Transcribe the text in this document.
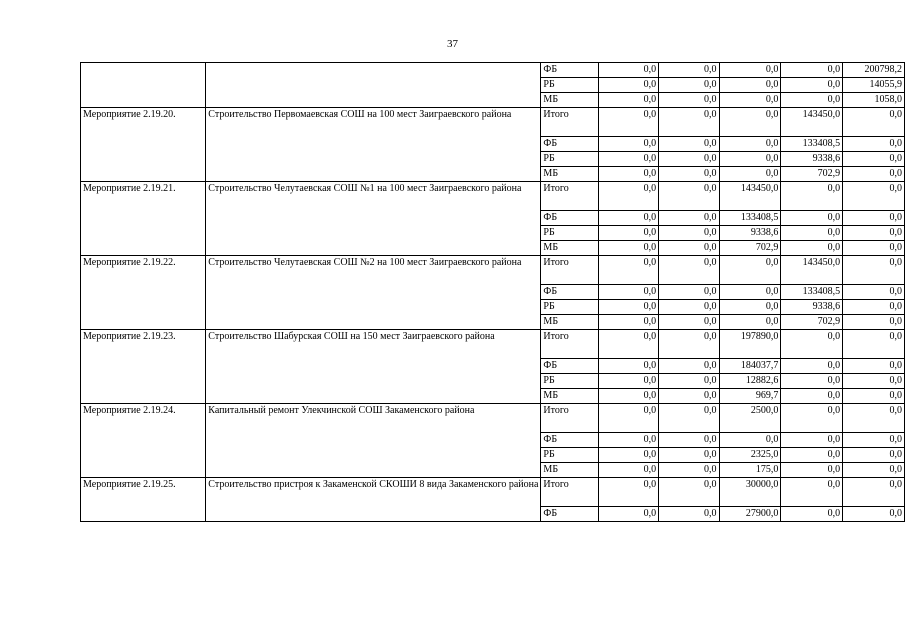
37
		ФБ	0,0	0,0	0,0	0,0	200798,2
		РБ	0,0	0,0	0,0	0,0	14055,9
		МБ	0,0	0,0	0,0	0,0	1058,0
Мероприятие 2.19.20.	Строительство Первомаевская СОШ на 100 мест Заиграевского района	Итого	0,0	0,0	0,0	143450,0	0,0
		ФБ	0,0	0,0	0,0	133408,5	0,0
		РБ	0,0	0,0	0,0	9338,6	0,0
		МБ	0,0	0,0	0,0	702,9	0,0
Мероприятие 2.19.21.	Строительство Челутаевская СОШ №1 на 100 мест Заиграевского района	Итого	0,0	0,0	143450,0	0,0	0,0
		ФБ	0,0	0,0	133408,5	0,0	0,0
		РБ	0,0	0,0	9338,6	0,0	0,0
		МБ	0,0	0,0	702,9	0,0	0,0
Мероприятие 2.19.22.	Строительство Челутаевская СОШ №2 на 100 мест Заиграевского района	Итого	0,0	0,0	0,0	143450,0	0,0
		ФБ	0,0	0,0	0,0	133408,5	0,0
		РБ	0,0	0,0	0,0	9338,6	0,0
		МБ	0,0	0,0	0,0	702,9	0,0
Мероприятие 2.19.23.	Строительство Шабурская СОШ на 150 мест Заиграевского района	Итого	0,0	0,0	197890,0	0,0	0,0
		ФБ	0,0	0,0	184037,7	0,0	0,0
		РБ	0,0	0,0	12882,6	0,0	0,0
		МБ	0,0	0,0	969,7	0,0	0,0
Мероприятие 2.19.24.	Капитальный ремонт Улекчинской СОШ Закаменского района	Итого	0,0	0,0	2500,0	0,0	0,0
		ФБ	0,0	0,0	0,0	0,0	0,0
		РБ	0,0	0,0	2325,0	0,0	0,0
		МБ	0,0	0,0	175,0	0,0	0,0
Мероприятие 2.19.25.	Строительство пристроя к Закаменской СКОШИ 8 вида Закаменского района	Итого	0,0	0,0	30000,0	0,0	0,0
		ФБ	0,0	0,0	27900,0	0,0	0,0
